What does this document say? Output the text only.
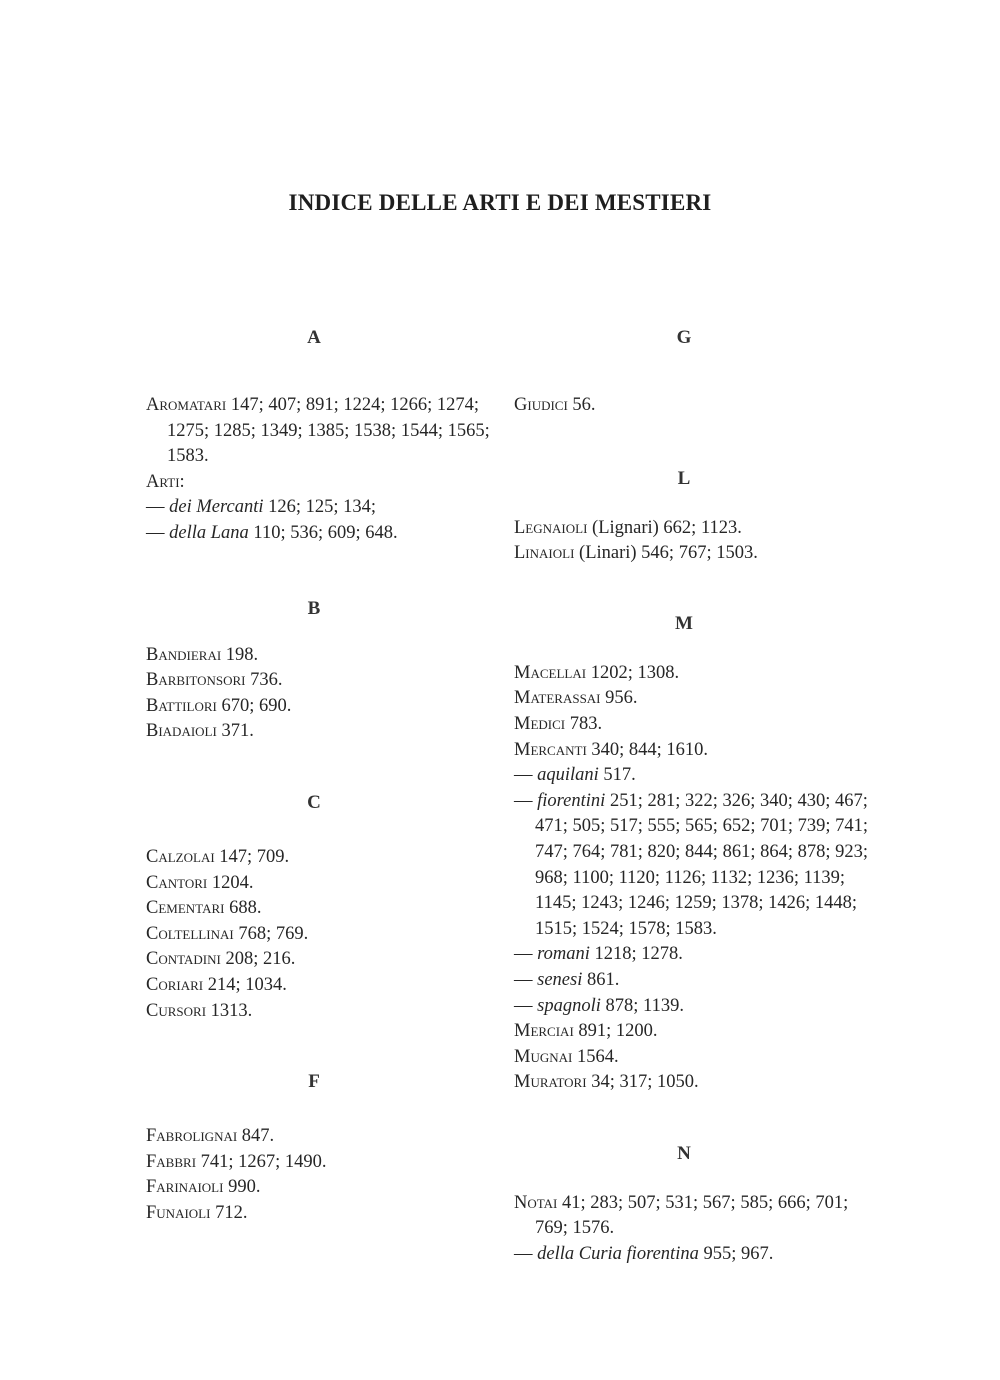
INDICE DELLE ARTI E DEI MESTIERI
A
Aromatari 147; 407; 891; 1224; 1266; 1274; 1275; 1285; 1349; 1385; 1538; 1544; 1565; 1583.
Arti:
— dei Mercanti 126; 125; 134;
— della Lana 110; 536; 609; 648.
B
Bandierai 198.
Barbitonsori 736.
Battilori 670; 690.
Biadaioli 371.
C
Calzolai 147; 709.
Cantori 1204.
Cementari 688.
Coltellinai 768; 769.
Contadini 208; 216.
Coriari 214; 1034.
Cursori 1313.
F
Fabrolignai 847.
Fabbri 741; 1267; 1490.
Farinaioli 990.
Funaioli 712.
G
Giudici 56.
L
Legnaioli (Lignari) 662; 1123.
Linaioli (Linari) 546; 767; 1503.
M
Macellai 1202; 1308.
Materassai 956.
Medici 783.
Mercanti 340; 844; 1610.
— aquilani 517.
— fiorentini 251; 281; 322; 326; 340; 430; 467; 471; 505; 517; 555; 565; 652; 701; 739; 741; 747; 764; 781; 820; 844; 861; 864; 878; 923; 968; 1100; 1120; 1126; 1132; 1236; 1139; 1145; 1243; 1246; 1259; 1378; 1426; 1448; 1515; 1524; 1578; 1583.
— romani 1218; 1278.
— senesi 861.
— spagnoli 878; 1139.
Merciai 891; 1200.
Mugnai 1564.
Muratori 34; 317; 1050.
N
Notai 41; 283; 507; 531; 567; 585; 666; 701; 769; 1576.
— della Curia fiorentina 955; 967.
